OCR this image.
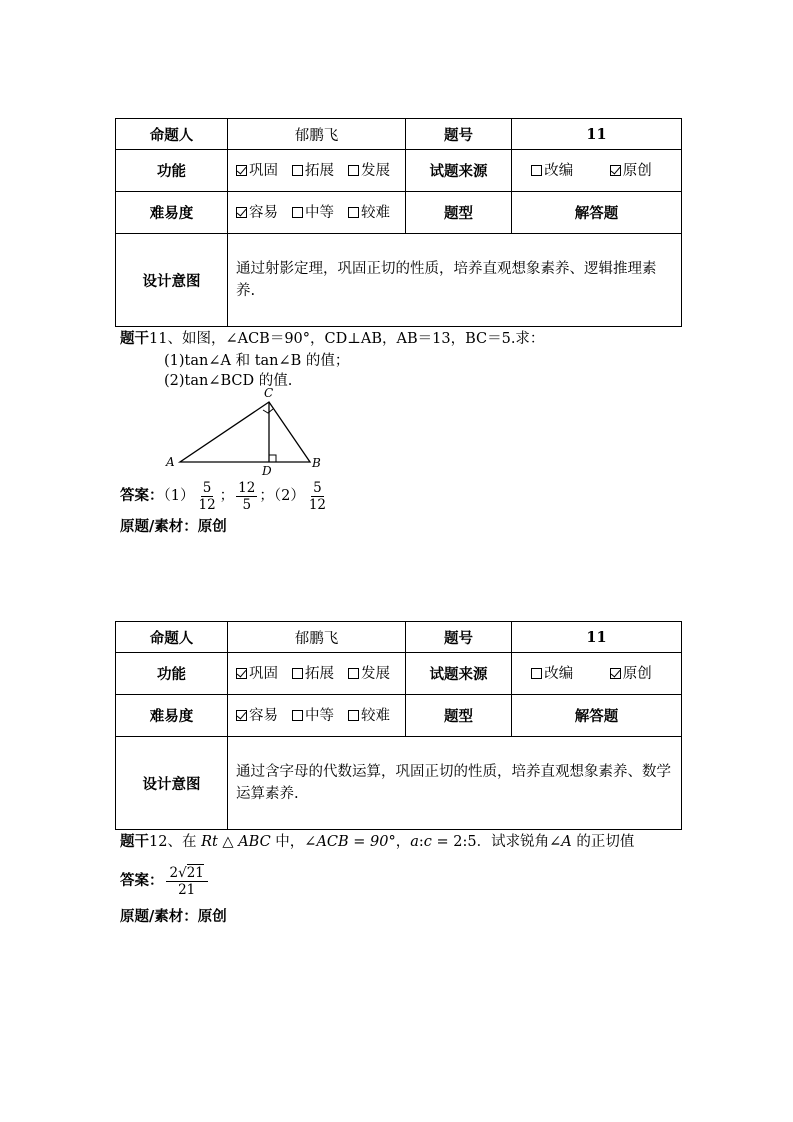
命题人	郁鹏飞	题号	11
功能	巩固 拓展 发展	试题来源	改编 原创

难易度	容易 中等 较难	题型	解答题
设计意图	通过射影定理，巩固正切的性质，培养直观想象素养、逻辑推理素养.		
题干11、如图，∠ACB＝90°，CD⊥AB，AB＝13，BC＝5.求：
(1)tan∠A 和 tan∠B 的值；
(2)tan∠BCD 的值.
A	B
C
D
答案：$(1) \frac{5}{12}$ ； $\frac{12}{5}$ ；$(2) \frac{5}{12}$
原题/素材：原创
命题人	郁鹏飞	题号	11
功能	巩固 拓展 发展	试题来源	改编 原创

难易度	容易 中等 较难	题型	解答题
设计意图	通过含字母的代数运算，巩固正切的性质，培养直观想象素养、数学运算素养.		
题干12、在 Rt △ ABC 中，∠ACB = 90°，a:c = 2:5．试求锐角∠A 的正切值
答案： $\frac{2√21}{21}$
原题/素材：原创
